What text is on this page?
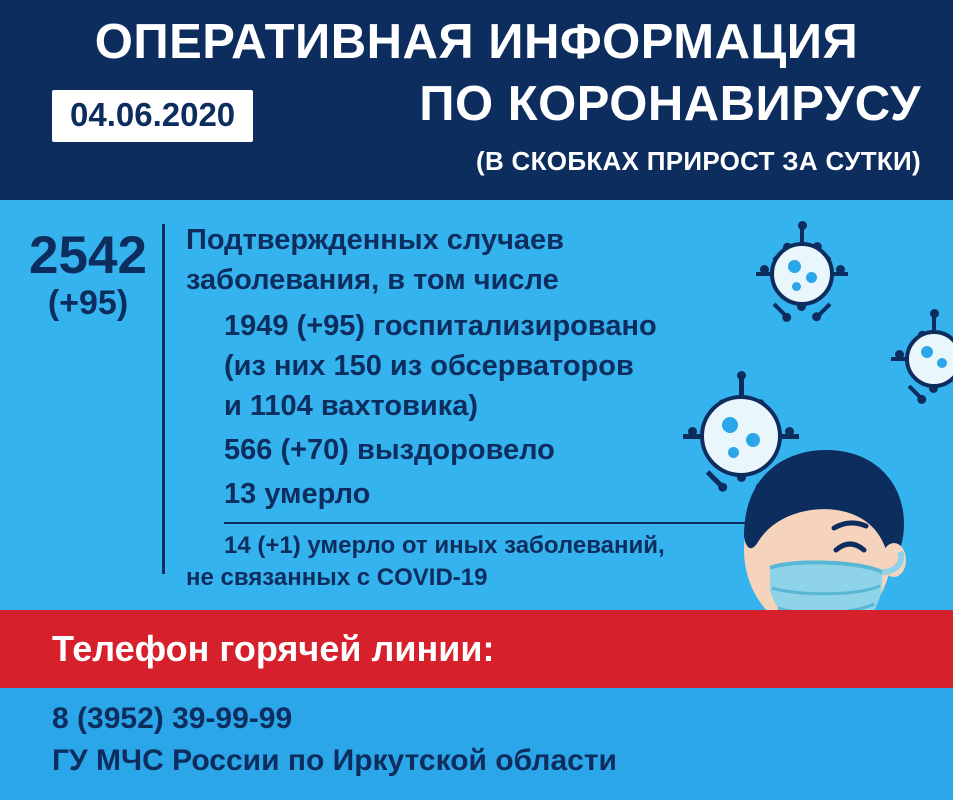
ОПЕРАТИВНАЯ ИНФОРМАЦИЯ
ПО КОРОНАВИРУСУ
(В СКОБКАХ ПРИРОСТ ЗА СУТКИ)
04.06.2020
2542
(+95)
Подтвержденных случаев
заболевания, в том числе
1949 (+95) госпитализировано
(из них 150 из обсерваторов
и 1104 вахтовика)
566 (+70) выздоровело
13 умерло
14 (+1) умерло от иных заболеваний,
не связанных с COVID-19
Телефон горячей линии:
8 (3952) 39-99-99
ГУ МЧС России по Иркутской области
